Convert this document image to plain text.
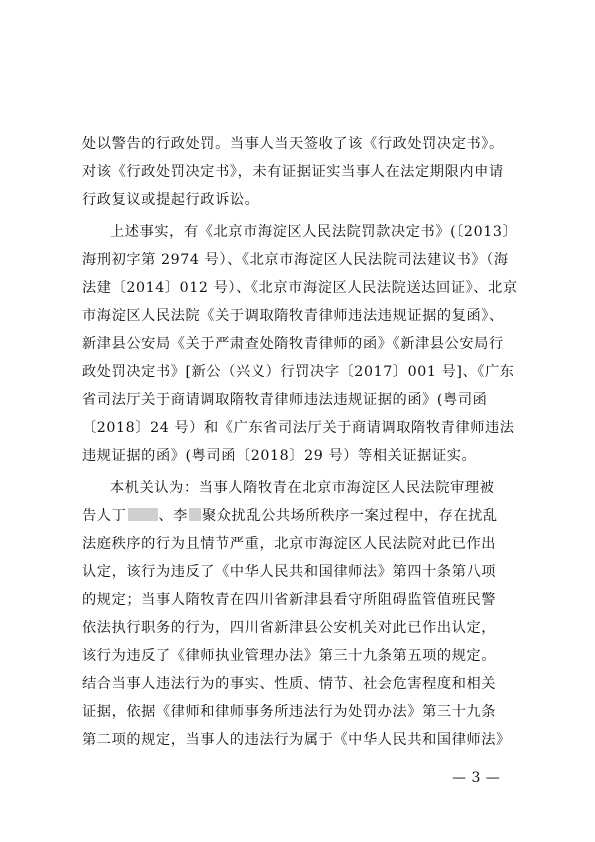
处以警告的行政处罚。当事人当天签收了该《行政处罚决定书》。
对该《行政处罚决定书》，未有证据证实当事人在法定期限内申请
行政复议或提起行政诉讼。
上述事实，有《北京市海淀区人民法院罚款决定书》(〔2013〕
海刑初字第 2974 号）、《北京市海淀区人民法院司法建议书》（海
法建〔2014〕012 号）、《北京市海淀区人民法院送达回证》、北京
市海淀区人民法院《关于调取隋牧青律师违法违规证据的复函》、
新津县公安局《关于严肃查处隋牧青律师的函》《新津县公安局行
政处罚决定书》[新公（兴义）行罚决字〔2017〕001 号]、《广东
省司法厅关于商请调取隋牧青律师违法违规证据的函》(粤司函
〔2018〕24 号）和《广东省司法厅关于商请调取隋牧青律师违法
违规证据的函》(粤司函〔2018〕29 号）等相关证据证实。
本机关认为：当事人隋牧青在北京市海淀区人民法院审理被
告人丁 、李 聚众扰乱公共场所秩序一案过程中，存在扰乱
法庭秩序的行为且情节严重，北京市海淀区人民法院对此已作出
认定，该行为违反了《中华人民共和国律师法》第四十条第八项
的规定；当事人隋牧青在四川省新津县看守所阻碍监管值班民警
依法执行职务的行为，四川省新津县公安机关对此已作出认定，
该行为违反了《律师执业管理办法》第三十九条第五项的规定。
结合当事人违法行为的事实、性质、情节、社会危害程度和相关
证据，依据《律师和律师事务所违法行为处罚办法》第三十九条
第二项的规定，当事人的违法行为属于《中华人民共和国律师法》
— 3 —
